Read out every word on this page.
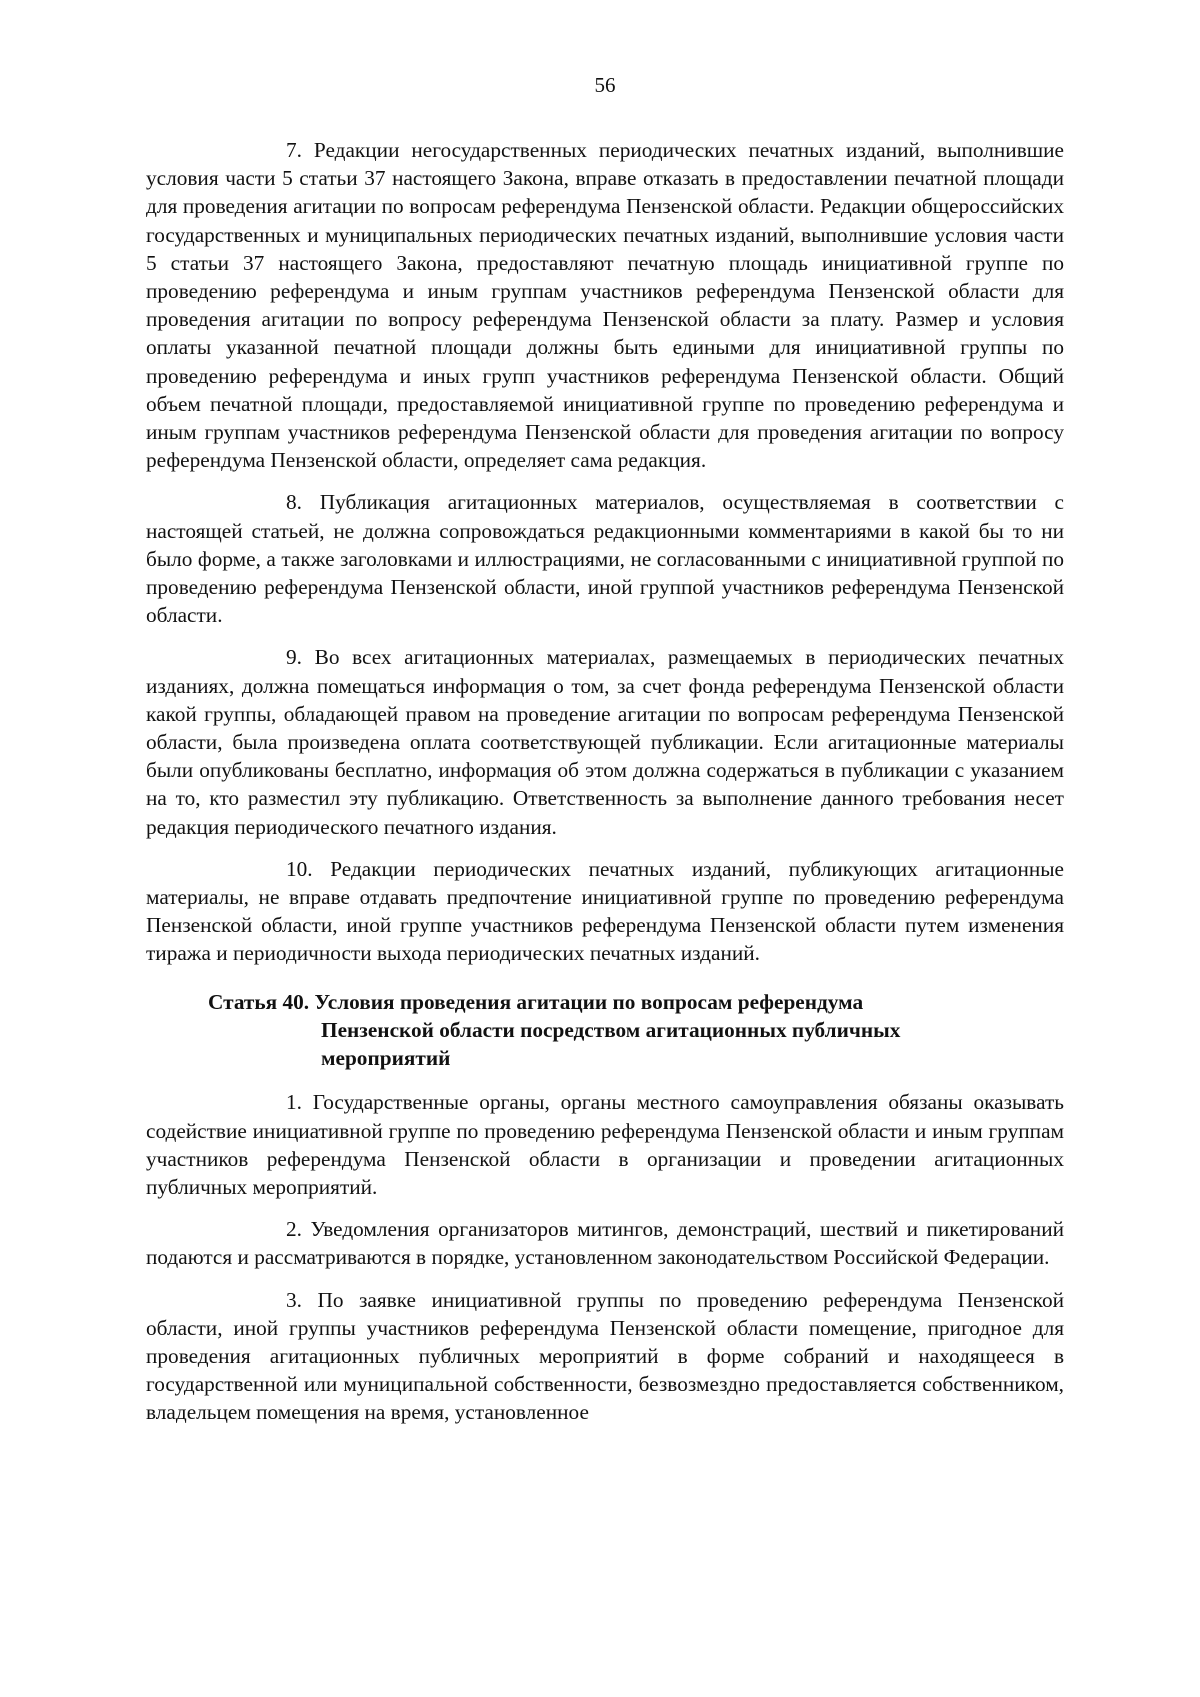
56

7. Редакции негосударственных периодических печатных изданий, выполнившие условия части 5 статьи 37 настоящего Закона, вправе отказать в предоставлении печатной площади для проведения агитации по вопросам референдума Пензенской области. Редакции общероссийских государственных и муниципальных периодических печатных изданий, выполнившие условия части 5 статьи 37 настоящего Закона, предоставляют печатную площадь инициативной группе по проведению референдума и иным группам участников референдума Пензенской области для проведения агитации по вопросу референдума Пензенской области за плату. Размер и условия оплаты указанной печатной площади должны быть едиными для инициативной группы по проведению референдума и иных групп участников референдума Пензенской области. Общий объем печатной площади, предоставляемой инициативной группе по проведению референдума и иным группам участников референдума Пензенской области для проведения агитации по вопросу референдума Пензенской области, определяет сама редакция.

8. Публикация агитационных материалов, осуществляемая в соответствии с настоящей статьей, не должна сопровождаться редакционными комментариями в какой бы то ни было форме, а также заголовками и иллюстрациями, не согласованными с инициативной группой по проведению референдума Пензенской области, иной группой участников референдума Пензенской области.

9. Во всех агитационных материалах, размещаемых в периодических печатных изданиях, должна помещаться информация о том, за счет фонда референдума Пензенской области какой группы, обладающей правом на проведение агитации по вопросам референдума Пензенской области, была произведена оплата соответствующей публикации. Если агитационные материалы были опубликованы бесплатно, информация об этом должна содержаться в публикации с указанием на то, кто разместил эту публикацию. Ответственность за выполнение данного требования несет редакция периодического печатного издания.

10. Редакции периодических печатных изданий, публикующих агитационные материалы, не вправе отдавать предпочтение инициативной группе по проведению референдума Пензенской области, иной группе участников референдума Пензенской области путем изменения тиража и периодичности выхода периодических печатных изданий.

Статья 40. Условия проведения агитации по вопросам референдума
Пензенской области посредством агитационных публичных
мероприятий

1. Государственные органы, органы местного самоуправления обязаны оказывать содействие инициативной группе по проведению референдума Пензенской области и иным группам участников референдума Пензенской области в организации и проведении агитационных публичных мероприятий.

2. Уведомления организаторов митингов, демонстраций, шествий и пикетирований подаются и рассматриваются в порядке, установленном законодательством Российской Федерации.

3. По заявке инициативной группы по проведению референдума Пензенской области, иной группы участников референдума Пензенской области помещение, пригодное для проведения агитационных публичных мероприятий в форме собраний и находящееся в государственной или муниципальной собственности, безвозмездно предоставляется собственником, владельцем помещения на время, установленное
